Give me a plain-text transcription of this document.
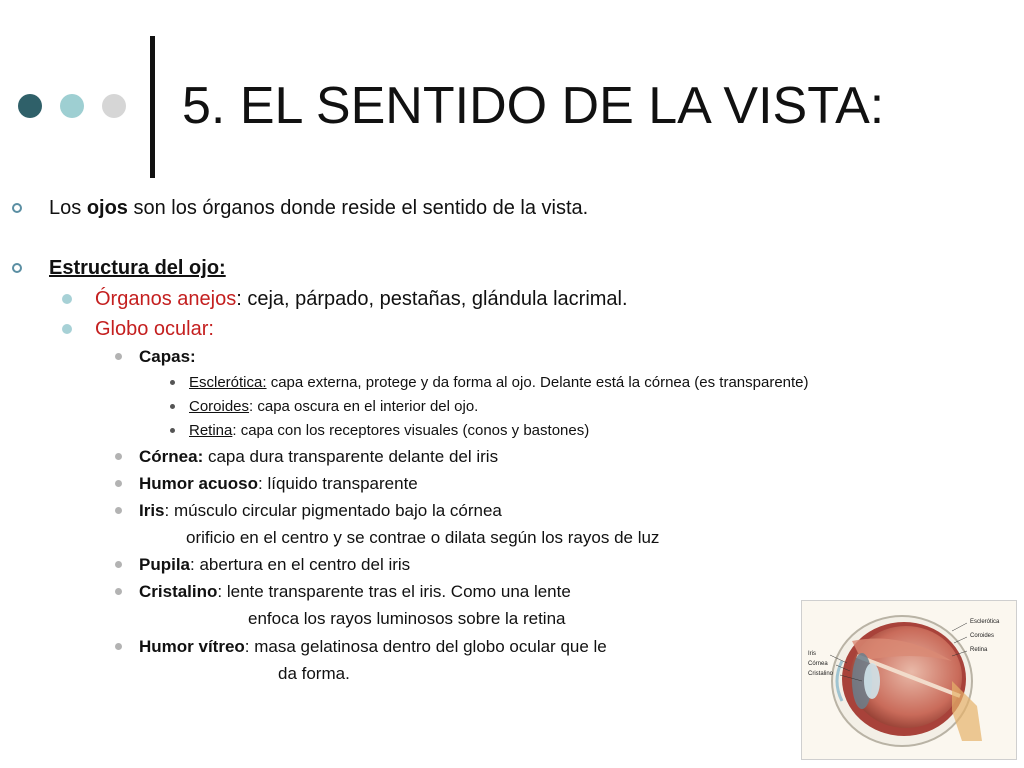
5. EL SENTIDO DE LA VISTA:
Los ojos son los órganos donde reside el sentido de la vista.
Estructura del ojo:
Órganos anejos: ceja, párpado, pestañas, glándula lacrimal.
Globo ocular:
Capas:
Esclerótica: capa externa, protege y da forma al ojo. Delante está la córnea (es transparente)
Coroides: capa oscura en el interior del ojo.
Retina: capa con los receptores visuales (conos y bastones)
Córnea: capa dura transparente delante del iris
Humor acuoso: líquido transparente
Iris: músculo circular pigmentado bajo la córnea
orificio en el centro y se contrae o dilata según los rayos de luz
Pupila: abertura en el centro del iris
Cristalino: lente transparente tras el iris. Como una lente
enfoca los rayos luminosos sobre la retina
Humor vítreo: masa gelatinosa dentro del globo ocular que le
da forma.
Esclerótica
Coroides
Retina
Iris
Córnea
Cristalino
